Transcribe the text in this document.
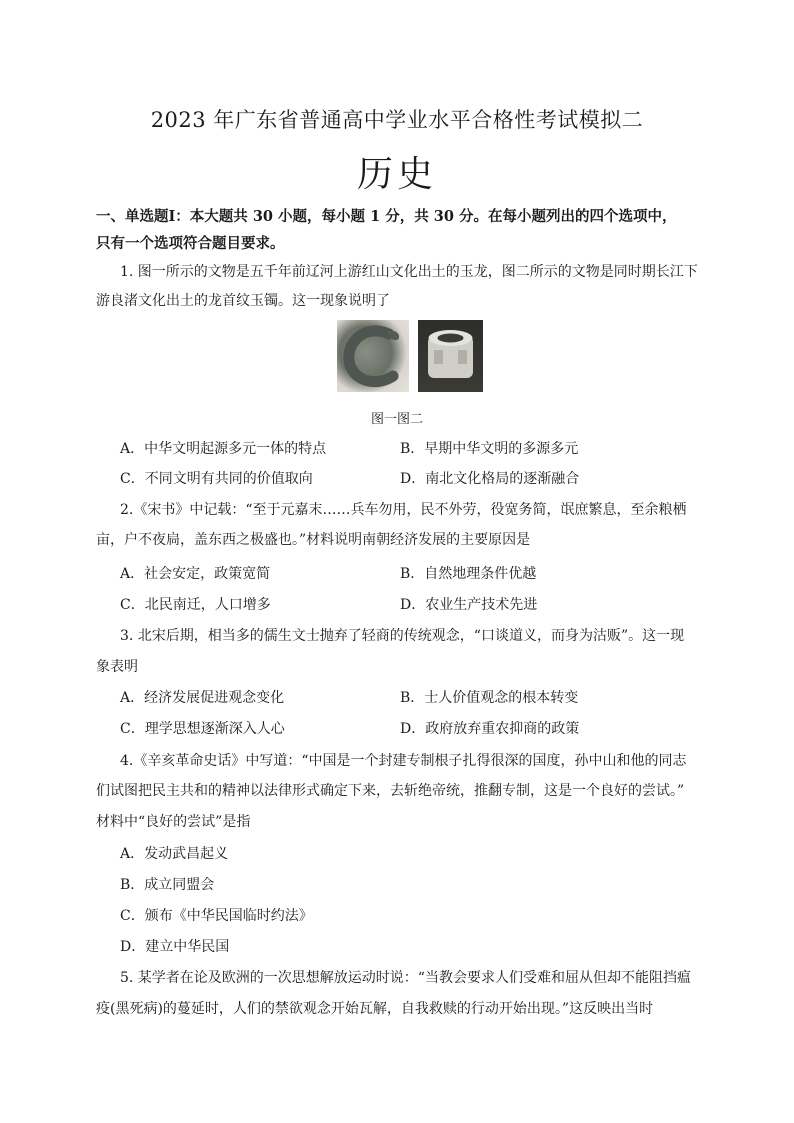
2023 年广东省普通高中学业水平合格性考试模拟二
历史
一、单选题Ⅰ：本大题共 30 小题，每小题 1 分，共 30 分。在每小题列出的四个选项中，
只有一个选项符合题目要求。
1. 图一所示的文物是五千年前辽河上游红山文化出土的玉龙，图二所示的文物是同时期长江下
游良渚文化出土的龙首纹玉镯。这一现象说明了
图一图二
A．中华文明起源多元一体的特点	B．早期中华文明的多源多元
C．不同文明有共同的价值取向	D．南北文化格局的逐渐融合
2.《宋书》中记载：“至于元嘉末……兵车勿用，民不外劳，役宽务简，氓庶繁息，至余粮栖
亩，户不夜扃，盖东西之极盛也。”材料说明南朝经济发展的主要原因是
A．社会安定，政策宽简	B．自然地理条件优越
C．北民南迁，人口增多	D．农业生产技术先进
3. 北宋后期，相当多的儒生文士抛弃了轻商的传统观念，“口谈道义，而身为沽贩”。这一现
象表明
A．经济发展促进观念变化	B．士人价值观念的根本转变
C．理学思想逐渐深入人心	D．政府放弃重农抑商的政策
4.《辛亥革命史话》中写道：“中国是一个封建专制根子扎得很深的国度，孙中山和他的同志
们试图把民主共和的精神以法律形式确定下来，去斩绝帝统，推翻专制，这是一个良好的尝试。”
材料中“良好的尝试”是指
A．发动武昌起义
B．成立同盟会
C．颁布《中华民国临时约法》
D．建立中华民国
5. 某学者在论及欧洲的一次思想解放运动时说：“当教会要求人们受难和屈从但却不能阻挡瘟
疫(黑死病)的蔓延时，人们的禁欲观念开始瓦解，自我救赎的行动开始出现。”这反映出当时
